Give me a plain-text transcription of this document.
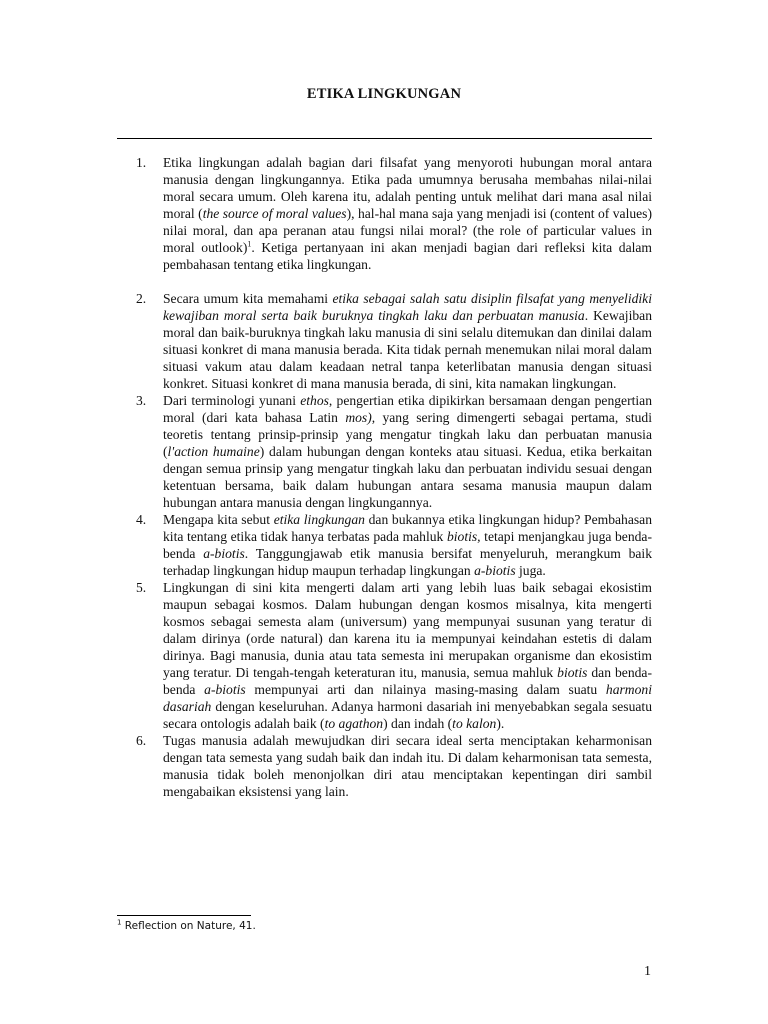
ETIKA LINGKUNGAN
1. Etika lingkungan adalah bagian dari filsafat yang menyoroti hubungan moral antara manusia dengan lingkungannya. Etika pada umumnya berusaha membahas nilai-nilai moral secara umum. Oleh karena itu, adalah penting untuk melihat dari mana asal nilai moral (the source of moral values), hal-hal mana saja yang menjadi isi (content of values) nilai moral, dan apa peranan atau fungsi nilai moral? (the role of particular values in moral outlook)$^1$. Ketiga pertanyaan ini akan menjadi bagian dari refleksi kita dalam pembahasan tentang etika lingkungan.
2. Secara umum kita memahami etika sebagai salah satu disiplin filsafat yang menyelidiki kewajiban moral serta baik buruknya tingkah laku dan perbuatan manusia. Kewajiban moral dan baik-buruknya tingkah laku manusia di sini selalu ditemukan dan dinilai dalam situasi konkret di mana manusia berada. Kita tidak pernah menemukan nilai moral dalam situasi vakum atau dalam keadaan netral tanpa keterlibatan manusia dengan situasi konkret. Situasi konkret di mana manusia berada, di sini, kita namakan lingkungan.
3. Dari terminologi yunani ethos, pengertian etika dipikirkan bersamaan dengan pengertian moral (dari kata bahasa Latin mos), yang sering dimengerti sebagai pertama, studi teoretis tentang prinsip-prinsip yang mengatur tingkah laku dan perbuatan manusia (l'action humaine) dalam hubungan dengan konteks atau situasi. Kedua, etika berkaitan dengan semua prinsip yang mengatur tingkah laku dan perbuatan individu sesuai dengan ketentuan bersama, baik dalam hubungan antara sesama manusia maupun dalam hubungan antara manusia dengan lingkungannya.
4. Mengapa kita sebut etika lingkungan dan bukannya etika lingkungan hidup? Pembahasan kita tentang etika tidak hanya terbatas pada mahluk biotis, tetapi menjangkau juga benda-benda a-biotis. Tanggungjawab etik manusia bersifat menyeluruh, merangkum baik terhadap lingkungan hidup maupun terhadap lingkungan a-biotis juga.
5. Lingkungan di sini kita mengerti dalam arti yang lebih luas baik sebagai ekosistim maupun sebagai kosmos. Dalam hubungan dengan kosmos misalnya, kita mengerti kosmos sebagai semesta alam (universum) yang mempunyai susunan yang teratur di dalam dirinya (orde natural) dan karena itu ia mempunyai keindahan estetis di dalam dirinya. Bagi manusia, dunia atau tata semesta ini merupakan organisme dan ekosistim yang teratur. Di tengah-tengah keteraturan itu, manusia, semua mahluk biotis dan benda-benda a-biotis mempunyai arti dan nilainya masing-masing dalam suatu harmoni dasariah dengan keseluruhan. Adanya harmoni dasariah ini menyebabkan segala sesuatu secara ontologis adalah baik (to agathon) dan indah (to kalon).
6. Tugas manusia adalah mewujudkan diri secara ideal serta menciptakan keharmonisan dengan tata semesta yang sudah baik dan indah itu. Di dalam keharmonisan tata semesta, manusia tidak boleh menonjolkan diri atau menciptakan kepentingan diri sambil mengabaikan eksistensi yang lain.
$^1$ Reflection on Nature, 41.
1
